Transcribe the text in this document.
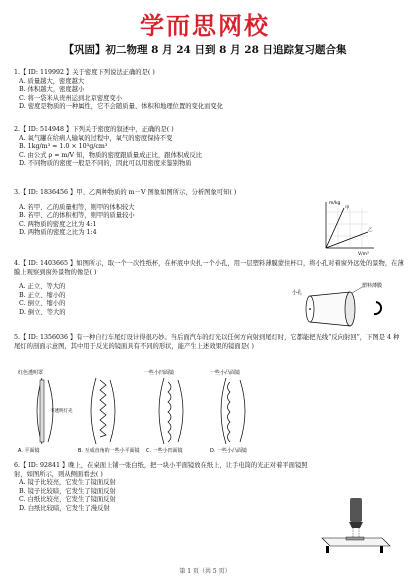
学而思网校
【巩固】初二物理 8 月 24 日到 8 月 28 日追踪复习题合集
1.【 ID: 119992 】关于密度下列说法正确的是( )
A. 质量越大，密度越大
B. 体积越大，密度越小
C. 将一袋米从贵州运到北京密度变小
D. 密度是物质的一种属性，它不会随质量、体积和地理位置的变化而变化
2.【 ID: 514948 】下列关于密度的叙述中，正确的是( )
A. 氧气罐在给病人输氧的过程中，氧气的密度保持不变
B. 1kg/m³ = 1.0 × 10³g/cm³
C. 由公式 ρ = m/V 知，物质的密度跟质量成正比，跟体积成反比
D. 不同物质的密度一般是不同的，因此可以用密度来鉴别物质
3.【 ID: 1836456 】甲、乙两种物质的 m－V 图象如图所示，分析图象可知( )
A. 若甲、乙的质量相等，则甲的体积较大
B. 若甲、乙的体积相等，则甲的质量较小
C. 两物质的密度之比为 4:1
D. 两物质的密度之比为 1:4
m/kg
V/m³
甲
乙
4.【 ID: 1403665 】如图所示，取一个一次性纸杯，在杯底中央扎一个小孔，用一层塑料薄膜蒙住杯口，将小孔对着窗外远处的景物，在薄膜上观察到窗外景物的像是( )
A. 正立、等大的
B. 正立、缩小的
C. 倒立、缩小的
D. 倒立、等大的
小孔
塑料薄膜
5.【 ID: 1356036 】有一种自行车尾灯设计得很巧妙。当后面汽车的灯光以任何方向射到尾灯时，它都能把光线“反向射回”，下图是 4 种尾灯的剖面示意图，其中用于反光的镜面具有不同的形状，能产生上述效果的镜面是( )
红色透明罩
不透明灯壳
一些小凹面镜	一些小凸面镜
A. 平面镜	B. 互成直角的一些小平面镜 C. 一些小凹面镜	D. 一些小凸面镜
6.【 ID: 92841 】晚上，在桌面上铺一张白纸，把一块小平面镜放在纸上，让手电筒的光正对着平面镜照射，如图所示，则从侧面看去( )
A. 镜子比较亮，它发生了镜面反射
B. 镜子比较暗，它发生了镜面反射
C. 白纸比较亮，它发生了镜面反射
D. 白纸比较暗，它发生了漫反射
第 1 页（共 5 页）
